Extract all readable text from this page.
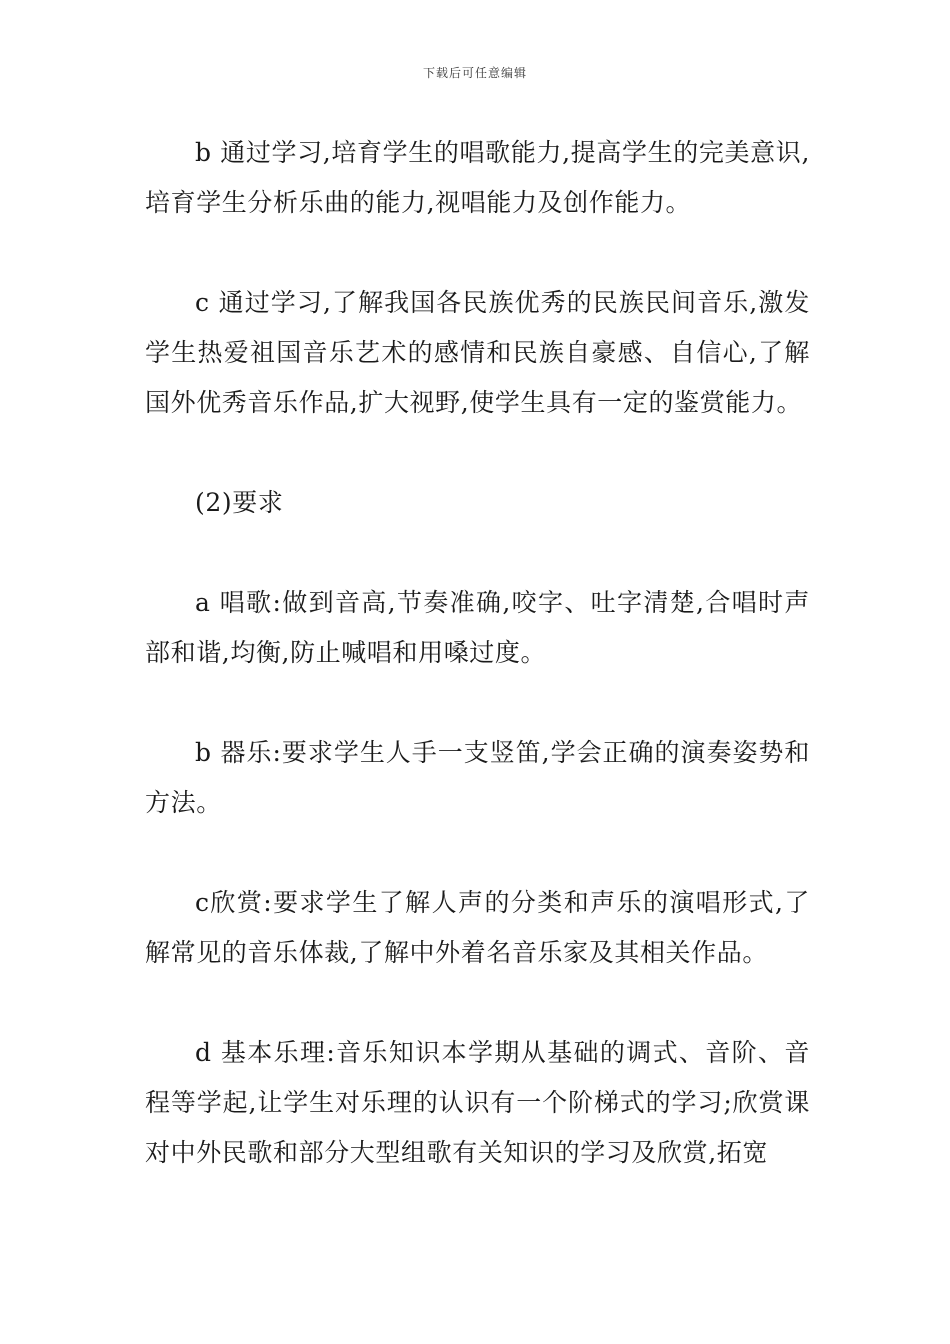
下载后可任意编辑

b 通过学习,培育学生的唱歌能力,提高学生的完美意识,培育学生分析乐曲的能力,视唱能力及创作能力。

c 通过学习,了解我国各民族优秀的民族民间音乐,激发学生热爱祖国音乐艺术的感情和民族自豪感、自信心,了解国外优秀音乐作品,扩大视野,使学生具有一定的鉴赏能力。

(2)要求

a 唱歌:做到音高,节奏准确,咬字、吐字清楚,合唱时声部和谐,均衡,防止喊唱和用嗓过度。

b 器乐:要求学生人手一支竖笛,学会正确的演奏姿势和方法。

c欣赏:要求学生了解人声的分类和声乐的演唱形式,了解常见的音乐体裁,了解中外着名音乐家及其相关作品。

d 基本乐理:音乐知识本学期从基础的调式、音阶、音程等学起,让学生对乐理的认识有一个阶梯式的学习;欣赏课对中外民歌和部分大型组歌有关知识的学习及欣赏,拓宽
